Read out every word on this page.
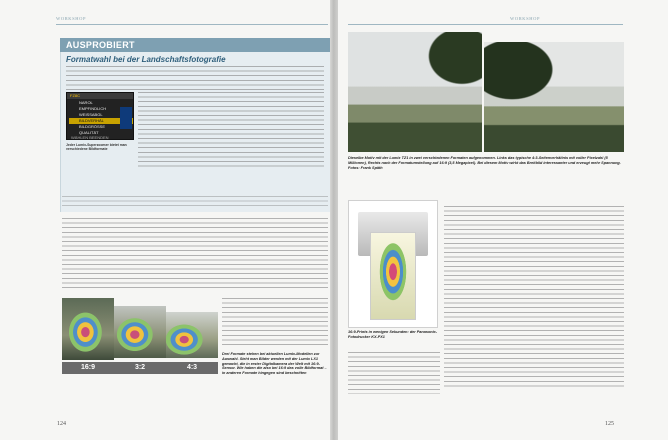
WORKSHOP
AUSPROBIERT
Formatwahl bei der Landschaftsfotografie
FZ8C
NAROL
EMPFINDLICH
WEISSABGL
BILDVERHÄL
BILDGRÖSSE
QUALITÄT
WÄHLEN BEENDEN
Jeder Lumix-Superzoomer bietet man verschiedene Bildformate
16:9	3:2	4:3
Drei Formate stehen bei aktuellen Lumix-Modellen zur Auswahl. Sieht man Bilder werden mit der Lumix LX1 gemacht, die in erster Digitalkamera der Welt mit 16:9-Sensor. Wie haben die also bei 16:9 das volle Bildformat – in anderen Formate hingegen sind beschnitten
124
WORKSHOP
Dieselbe Motiv mit der Lumix TZ1 in zwei verschiedenen Formaten aufgenommen. Links das typische 4:3-Seitenverhältnis mit voller Pixelzahl (5 Millionen), Rechts nach der Formatumstellung auf 16:9 (3,5 Megapixel). Bei diesem Motiv wirkt das Breitbild interessanter und erzeugt mehr Spannung. Fotos: Frank Späth
16:9-Prints in wenigen Sekunden: der Panasonic-Fotodrucker KX-PX1
125
